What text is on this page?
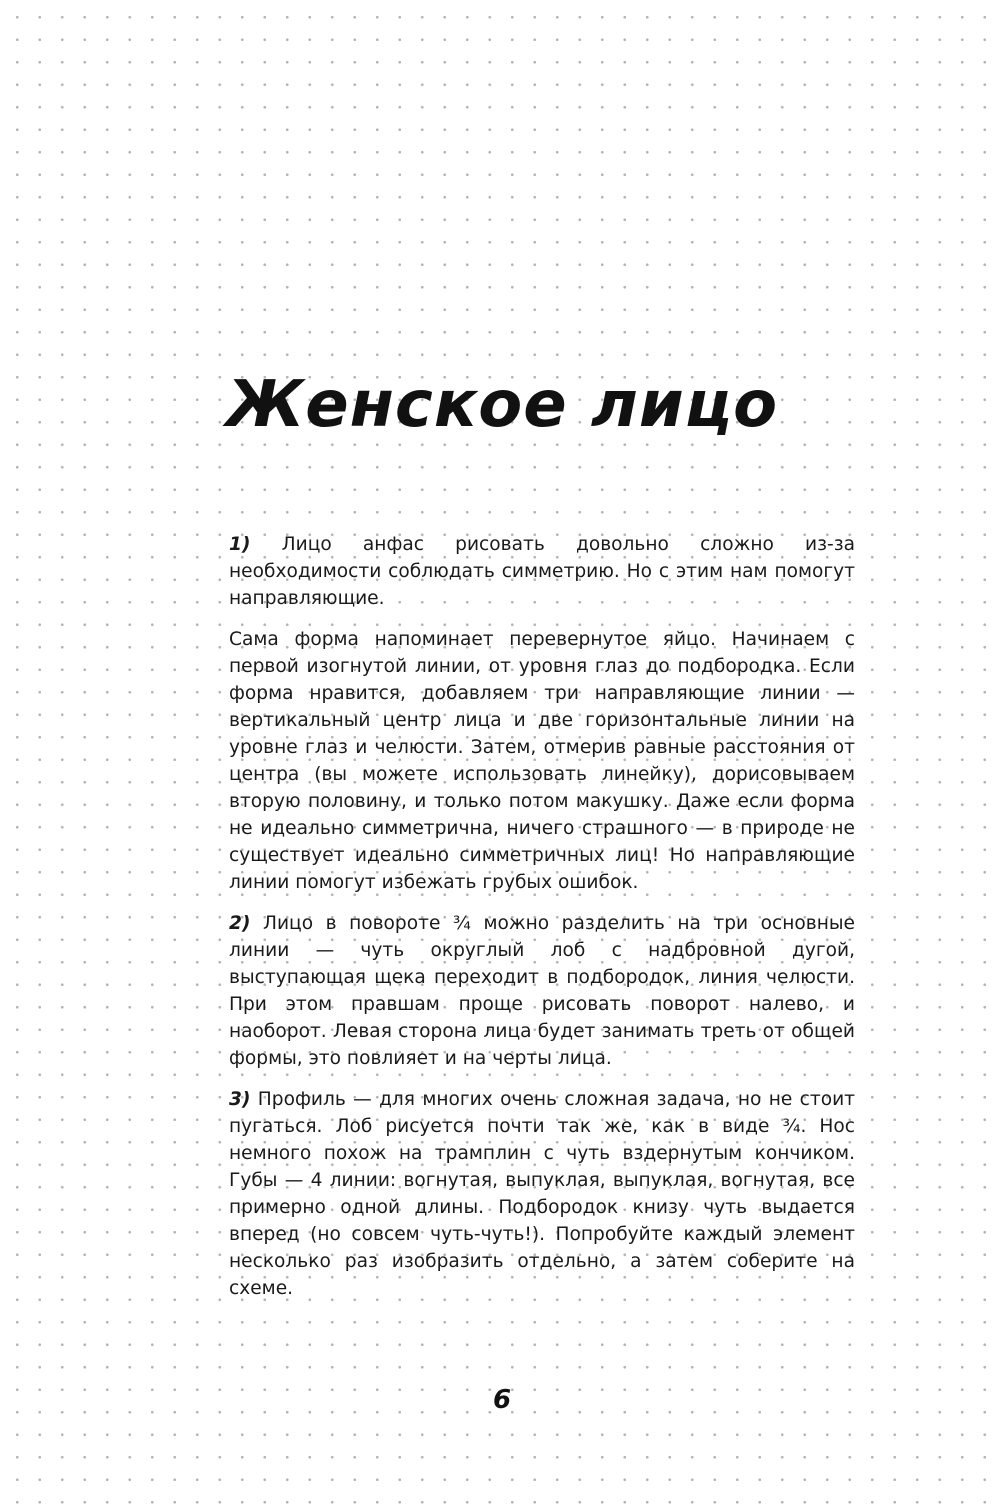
Женское лицо

1) Лицо анфас рисовать довольно сложно из-за необходимости соблюдать симметрию. Но с этим нам помогут направляющие.

Сама форма напоминает перевернутое яйцо. Начинаем с первой изогнутой линии, от уровня глаз до подбородка. Если форма нравится, добавляем три направляющие линии — вертикальный центр лица и две горизонтальные линии на уровне глаз и челюсти. Затем, отмерив равные расстояния от центра (вы можете использовать линейку), дорисовываем вторую половину, и только потом макушку. Даже если форма не идеально симметрична, ничего страшного — в природе не существует идеально симметричных лиц! Но направляющие линии помогут избежать грубых ошибок.

2) Лицо в повороте ¾ можно разделить на три основные линии — чуть округлый лоб с надбровной дугой, выступающая щека переходит в подбородок, линия челюсти. При этом правшам проще рисовать поворот налево, и наоборот. Левая сторона лица будет занимать треть от общей формы, это повлияет и на черты лица.

3) Профиль — для многих очень сложная задача, но не стоит пугаться. Лоб рисуется почти так же, как в виде ¾. Нос немного похож на трамплин с чуть вздернутым кончиком. Губы — 4 линии: вогнутая, выпуклая, выпуклая, вогнутая, все примерно одной длины. Подбородок книзу чуть выдается вперед (но совсем чуть-чуть!). Попробуйте каждый элемент несколько раз изобразить отдельно, а затем соберите на схеме.

6
